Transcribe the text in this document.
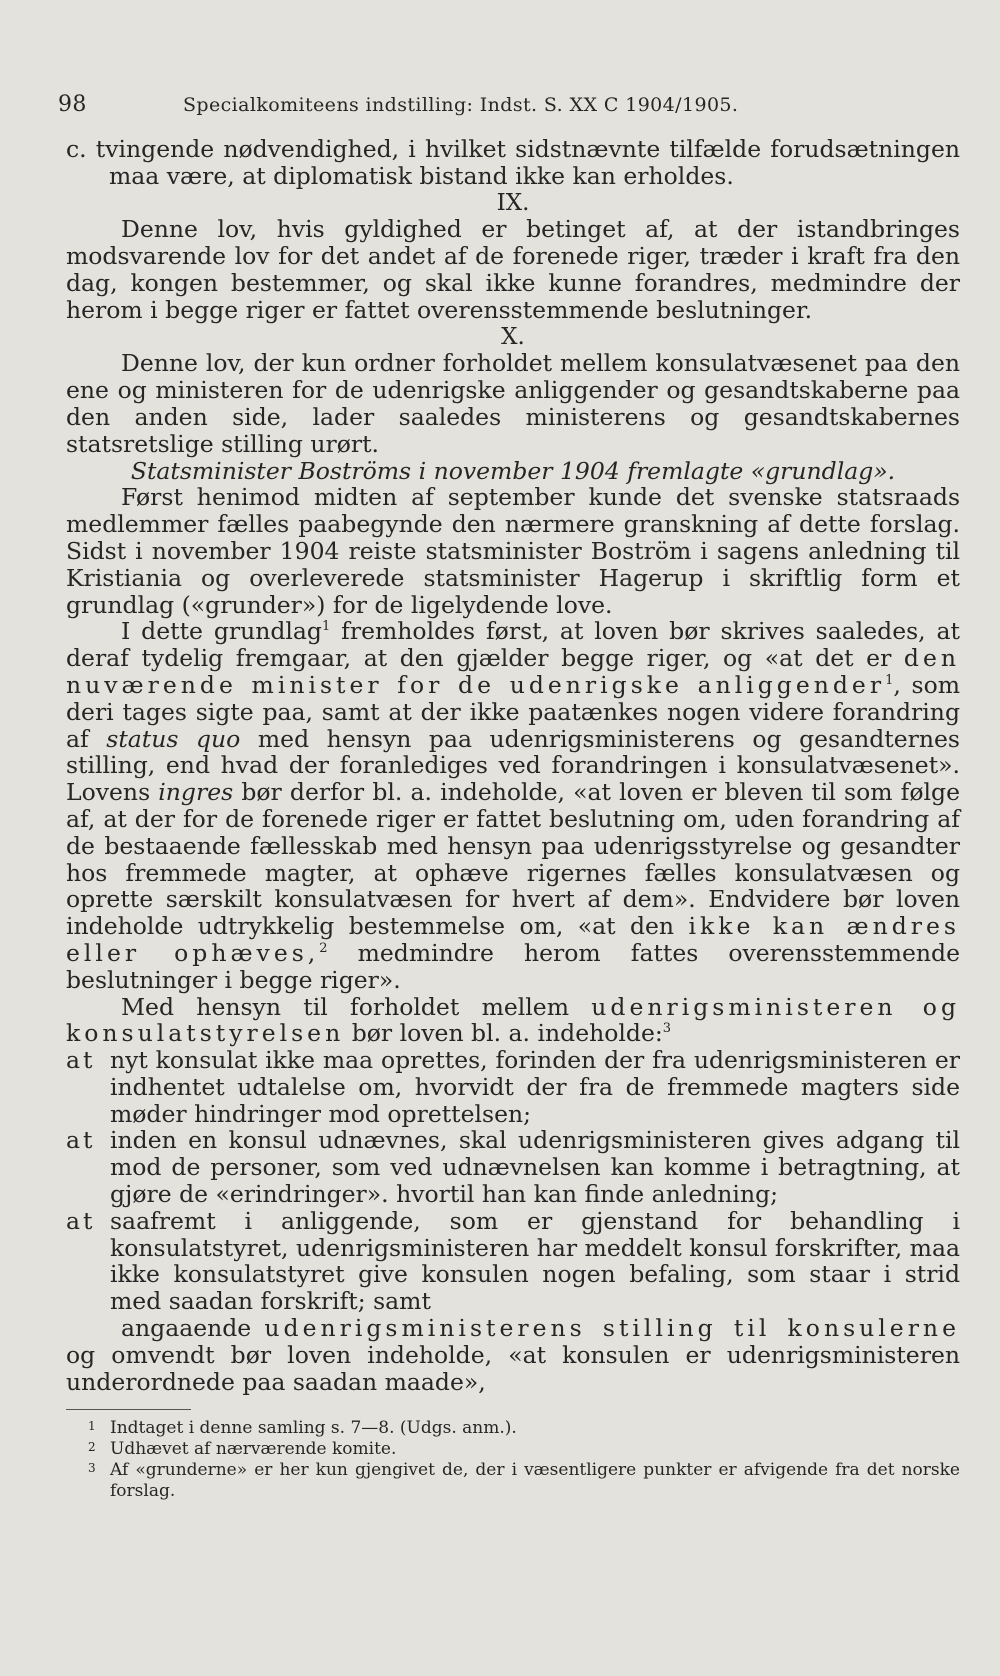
98	Specialkomiteens indstilling: Indst. S. XX C 1904/1905.

c. tvingende nødvendighed, i hvilket sidstnævnte tilfælde forudsætningen maa være, at diplomatisk bistand ikke kan erholdes.

IX.

Denne lov, hvis gyldighed er betinget af, at der istandbringes modsvarende lov for det andet af de forenede riger, træder i kraft fra den dag, kongen bestemmer, og skal ikke kunne forandres, medmindre der herom i begge riger er fattet overensstemmende beslutninger.

X.

Denne lov, der kun ordner forholdet mellem konsulatvæsenet paa den ene og ministeren for de udenrigske anliggender og gesandtskaberne paa den anden side, lader saaledes ministerens og gesandtskabernes statsretslige stilling urørt.

Statsminister Boströms i november 1904 fremlagte «grundlag».

Først henimod midten af september kunde det svenske statsraads medlemmer fælles paabegynde den nærmere granskning af dette forslag. Sidst i november 1904 reiste statsminister Boström i sagens anledning til Kristiania og overleverede statsminister Hagerup i skriftlig form et grundlag («grunder») for de ligelydende love.

I dette grundlag$^1$ fremholdes først, at loven bør skrives saaledes, at deraf tydelig fremgaar, at den gjælder begge riger, og «at det er den nuværende minister for de udenrigske anliggender$^1$, som deri tages sigte paa, samt at der ikke paatænkes nogen videre forandring af status quo med hensyn paa udenrigsministerens og gesandternes stilling, end hvad der foranlediges ved forandringen i konsulatvæsenet». Lovens ingres bør derfor bl. a. indeholde, «at loven er bleven til som følge af, at der for de forenede riger er fattet beslutning om, uden forandring af de bestaaende fællesskab med hensyn paa udenrigsstyrelse og gesandter hos fremmede magter, at ophæve rigernes fælles konsulatvæsen og oprette særskilt konsulatvæsen for hvert af dem». Endvidere bør loven indeholde udtrykkelig bestemmelse om, «at den ikke kan ændres eller ophæves,$^2$ medmindre herom fattes overensstemmende beslutninger i begge riger».

Med hensyn til forholdet mellem udenrigsministeren og konsulatstyrelsen bør loven bl. a. indeholde:$^3$

at nyt konsulat ikke maa oprettes, forinden der fra udenrigsministeren er indhentet udtalelse om, hvorvidt der fra de fremmede magters side møder hindringer mod oprettelsen;

at inden en konsul udnævnes, skal udenrigsministeren gives adgang til mod de personer, som ved udnævnelsen kan komme i betragtning, at gjøre de «erindringer». hvortil han kan finde anledning;

at saafremt i anliggende, som er gjenstand for behandling i konsulatstyret, udenrigsministeren har meddelt konsul forskrifter, maa ikke konsulatstyret give konsulen nogen befaling, som staar i strid med saadan forskrift; samt

angaaende udenrigsministerens stilling til konsulerne og omvendt bør loven indeholde, «at konsulen er udenrigsministeren underordnede paa saadan maade»,

1 Indtaget i denne samling s. 7—8. (Udgs. anm.).
2 Udhævet af nærværende komite.
3 Af «grunderne» er her kun gjengivet de, der i væsentligere punkter er afvigende fra det norske forslag.
